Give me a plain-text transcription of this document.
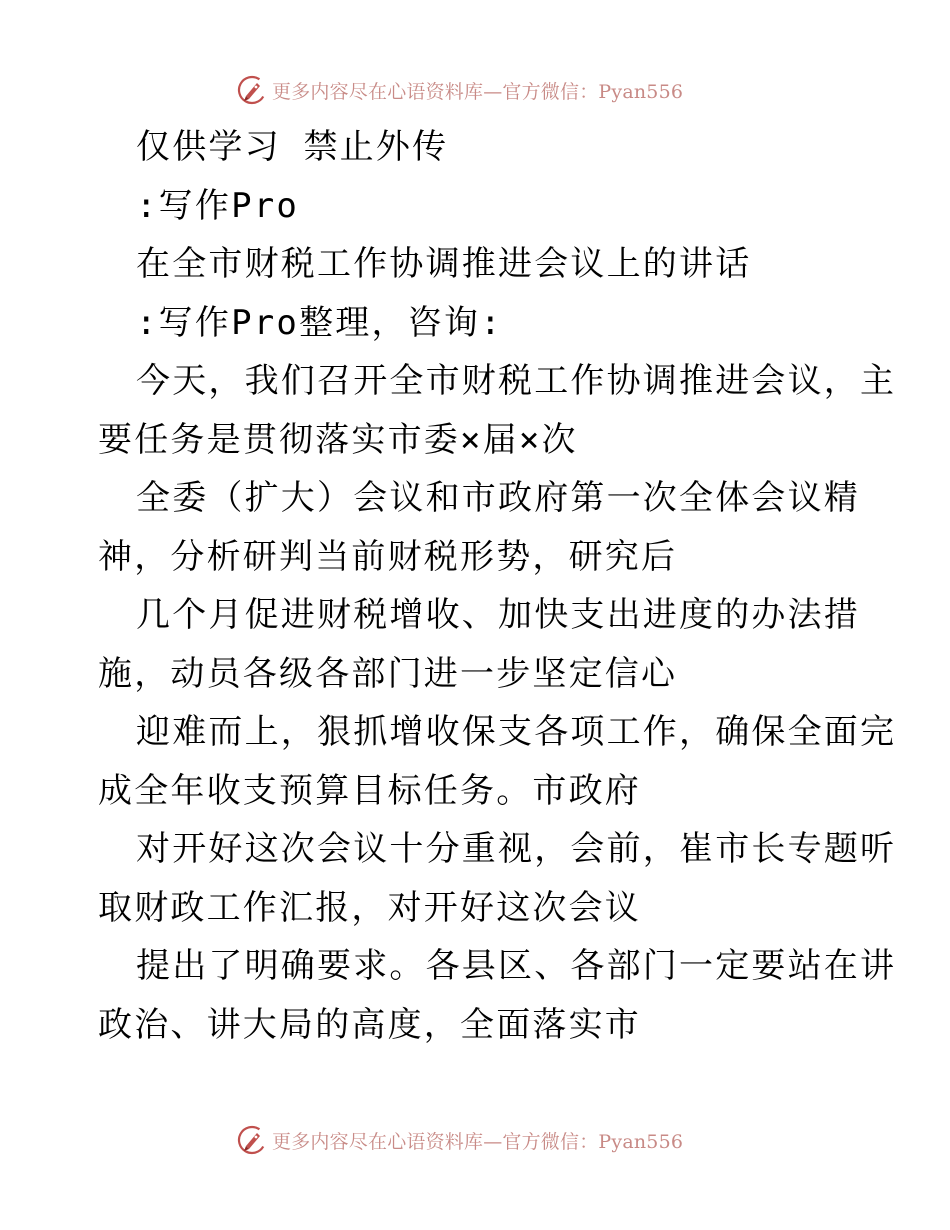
更多内容尽在心语资料库—官方微信：Pyan556
仅供学习 禁止外传
:写作Pro
在全市财税工作协调推进会议上的讲话
:写作Pro整理，咨询:
今天，我们召开全市财税工作协调推进会议，主
要任务是贯彻落实市委×届×次
全委（扩大）会议和市政府第一次全体会议精
神，分析研判当前财税形势，研究后
几个月促进财税增收、加快支出进度的办法措
施，动员各级各部门进一步坚定信心
迎难而上，狠抓增收保支各项工作，确保全面完
成全年收支预算目标任务。市政府
对开好这次会议十分重视，会前，崔市长专题听
取财政工作汇报，对开好这次会议
提出了明确要求。各县区、各部门一定要站在讲
政治、讲大局的高度，全面落实市
更多内容尽在心语资料库—官方微信：Pyan556
